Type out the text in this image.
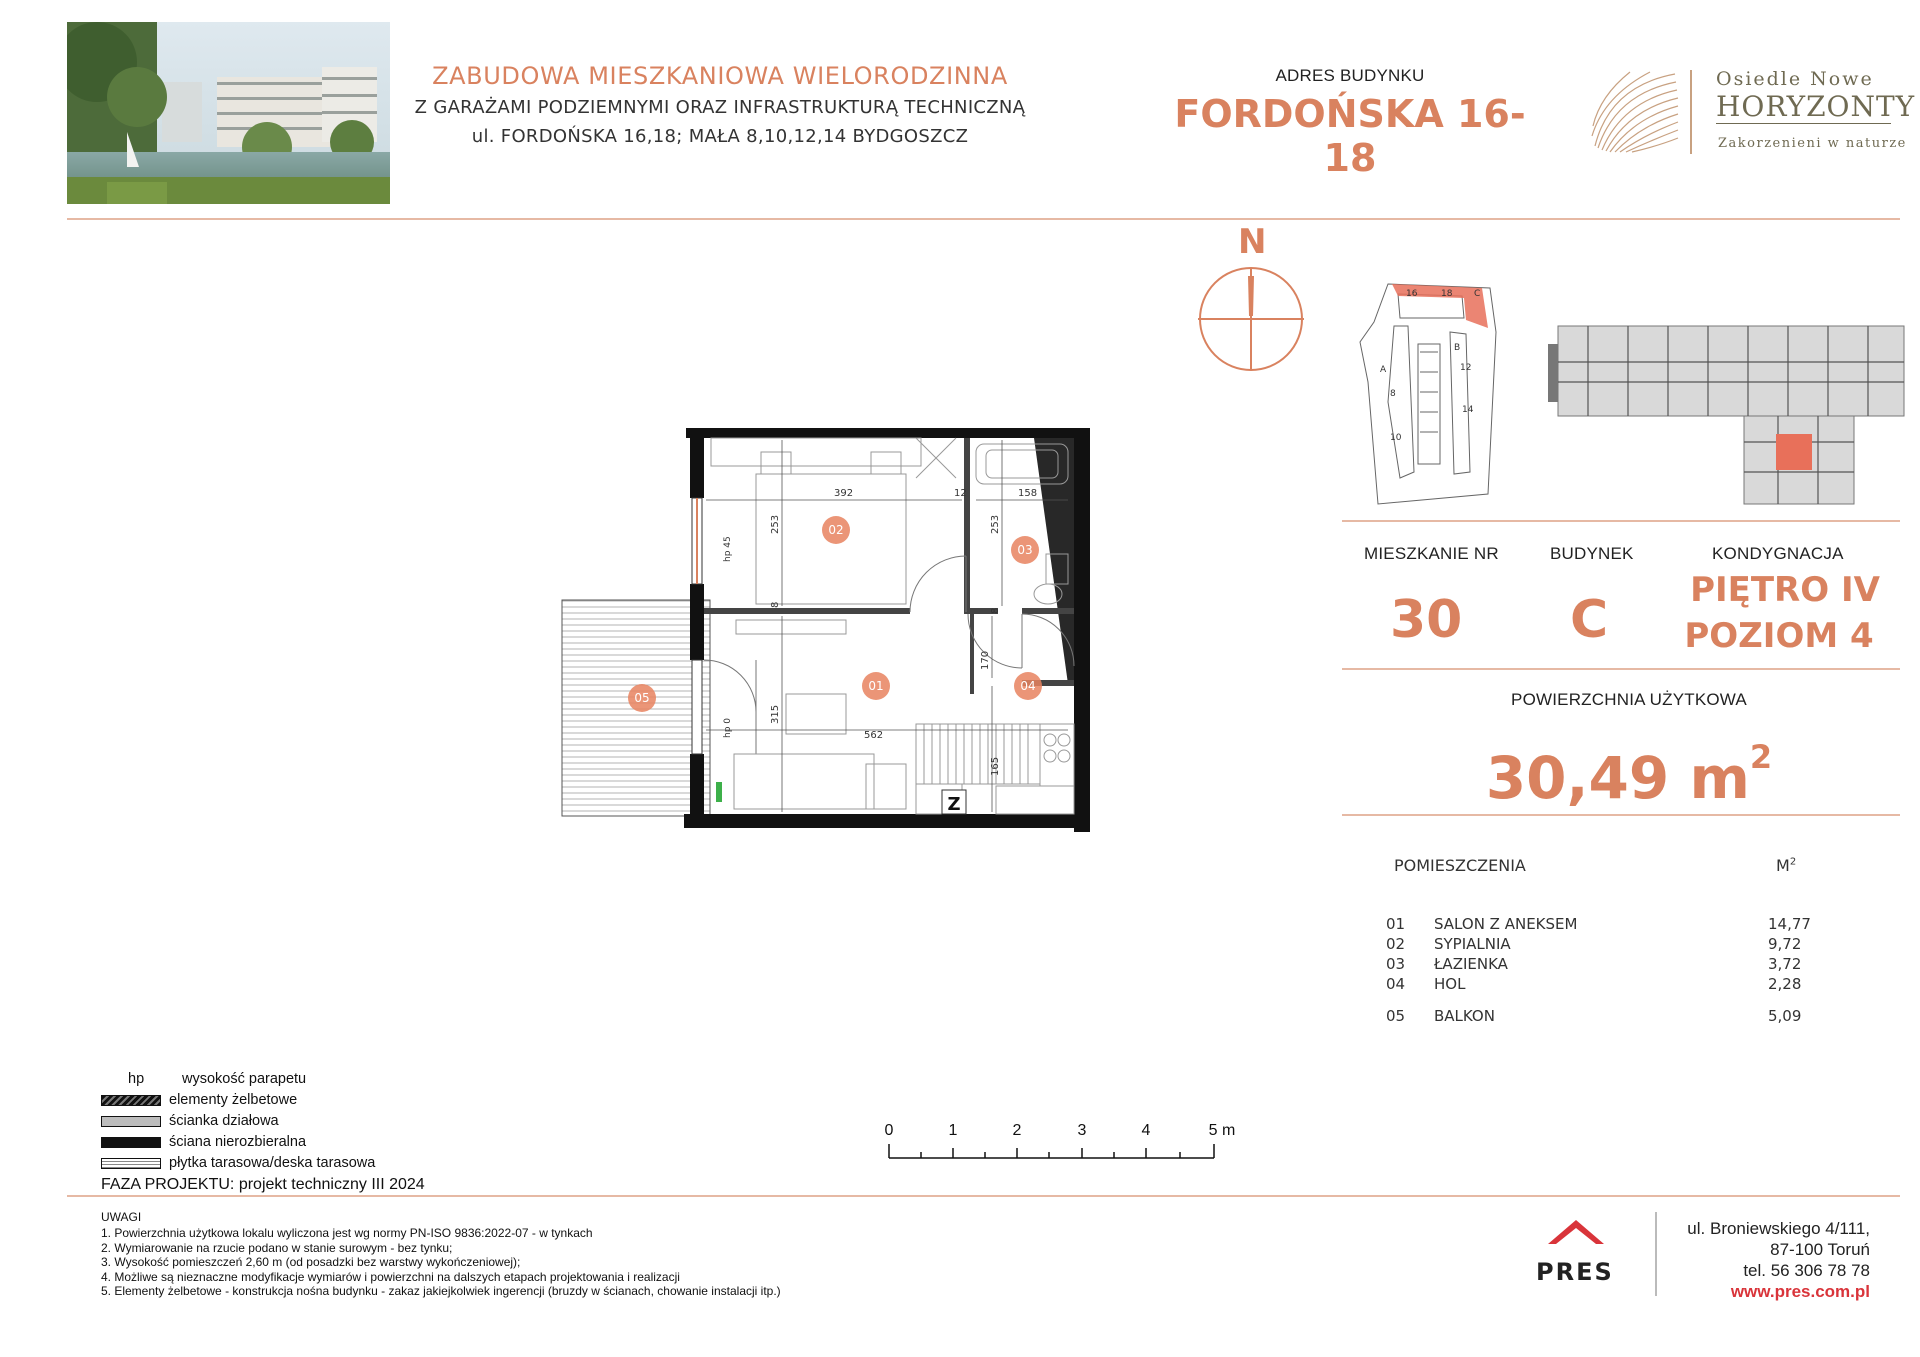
ZABUDOWA MIESZKANIOWA WIELORODZINNA
Z GARAŻAMI PODZIEMNYMI ORAZ INFRASTRUKTURĄ TECHNICZNĄ
ul. FORDOŃSKA 16,18; MAŁA 8,10,12,14 BYDGOSZCZ
ADRES BUDYNKU
FORDOŃSKA 16-18
Osiedle Nowe
HORYZONTY
Zakorzenieni w naturze
N
16	18 C
A
B
12
14
8
10
MIESZKANIE NR	BUDYNEK	KONDYGNACJA
30 C	PIĘTRO IV
POZIOM 4
POWIERZCHNIA UŻYTKOWA
30,49 $m^2$
POMIESZCZENIA	$M^2$
01 SALON Z ANEKSEM	14,77
02 SYPIALNIA	9,72
03 ŁAZIENKA	3,72
04 HOL	2,28
05 BALKON	5,09
Z
392	12	158
253	253
8
8
170
315
562
165
hp 45
hp 0
02
03
01	04
05
0	1	2	3	4	5 m
hp	wysokość parapetu
elementy żelbetowe
ścianka działowa
ściana nierozbieralna
płytka tarasowa/deska tarasowa
FAZA PROJEKTU: projekt techniczny III 2024
UWAGI
1. Powierzchnia użytkowa lokalu wyliczona jest wg normy PN-ISO 9836:2022-07 - w tynkach
2. Wymiarowanie na rzucie podano w stanie surowym - bez tynku;
3. Wysokość pomieszczeń 2,60 m (od posadzki bez warstwy wykończeniowej);
4. Możliwe są nieznaczne modyfikacje wymiarów i powierzchni na dalszych etapach projektowania i realizacji
5. Elementy żelbetowe - konstrukcja nośna budynku - zakaz jakiejkolwiek ingerencji (bruzdy w ścianach, chowanie instalacji itp.)
PRES
ul. Broniewskiego 4/111,
87-100 Toruń
tel. 56 306 78 78
www.pres.com.pl
